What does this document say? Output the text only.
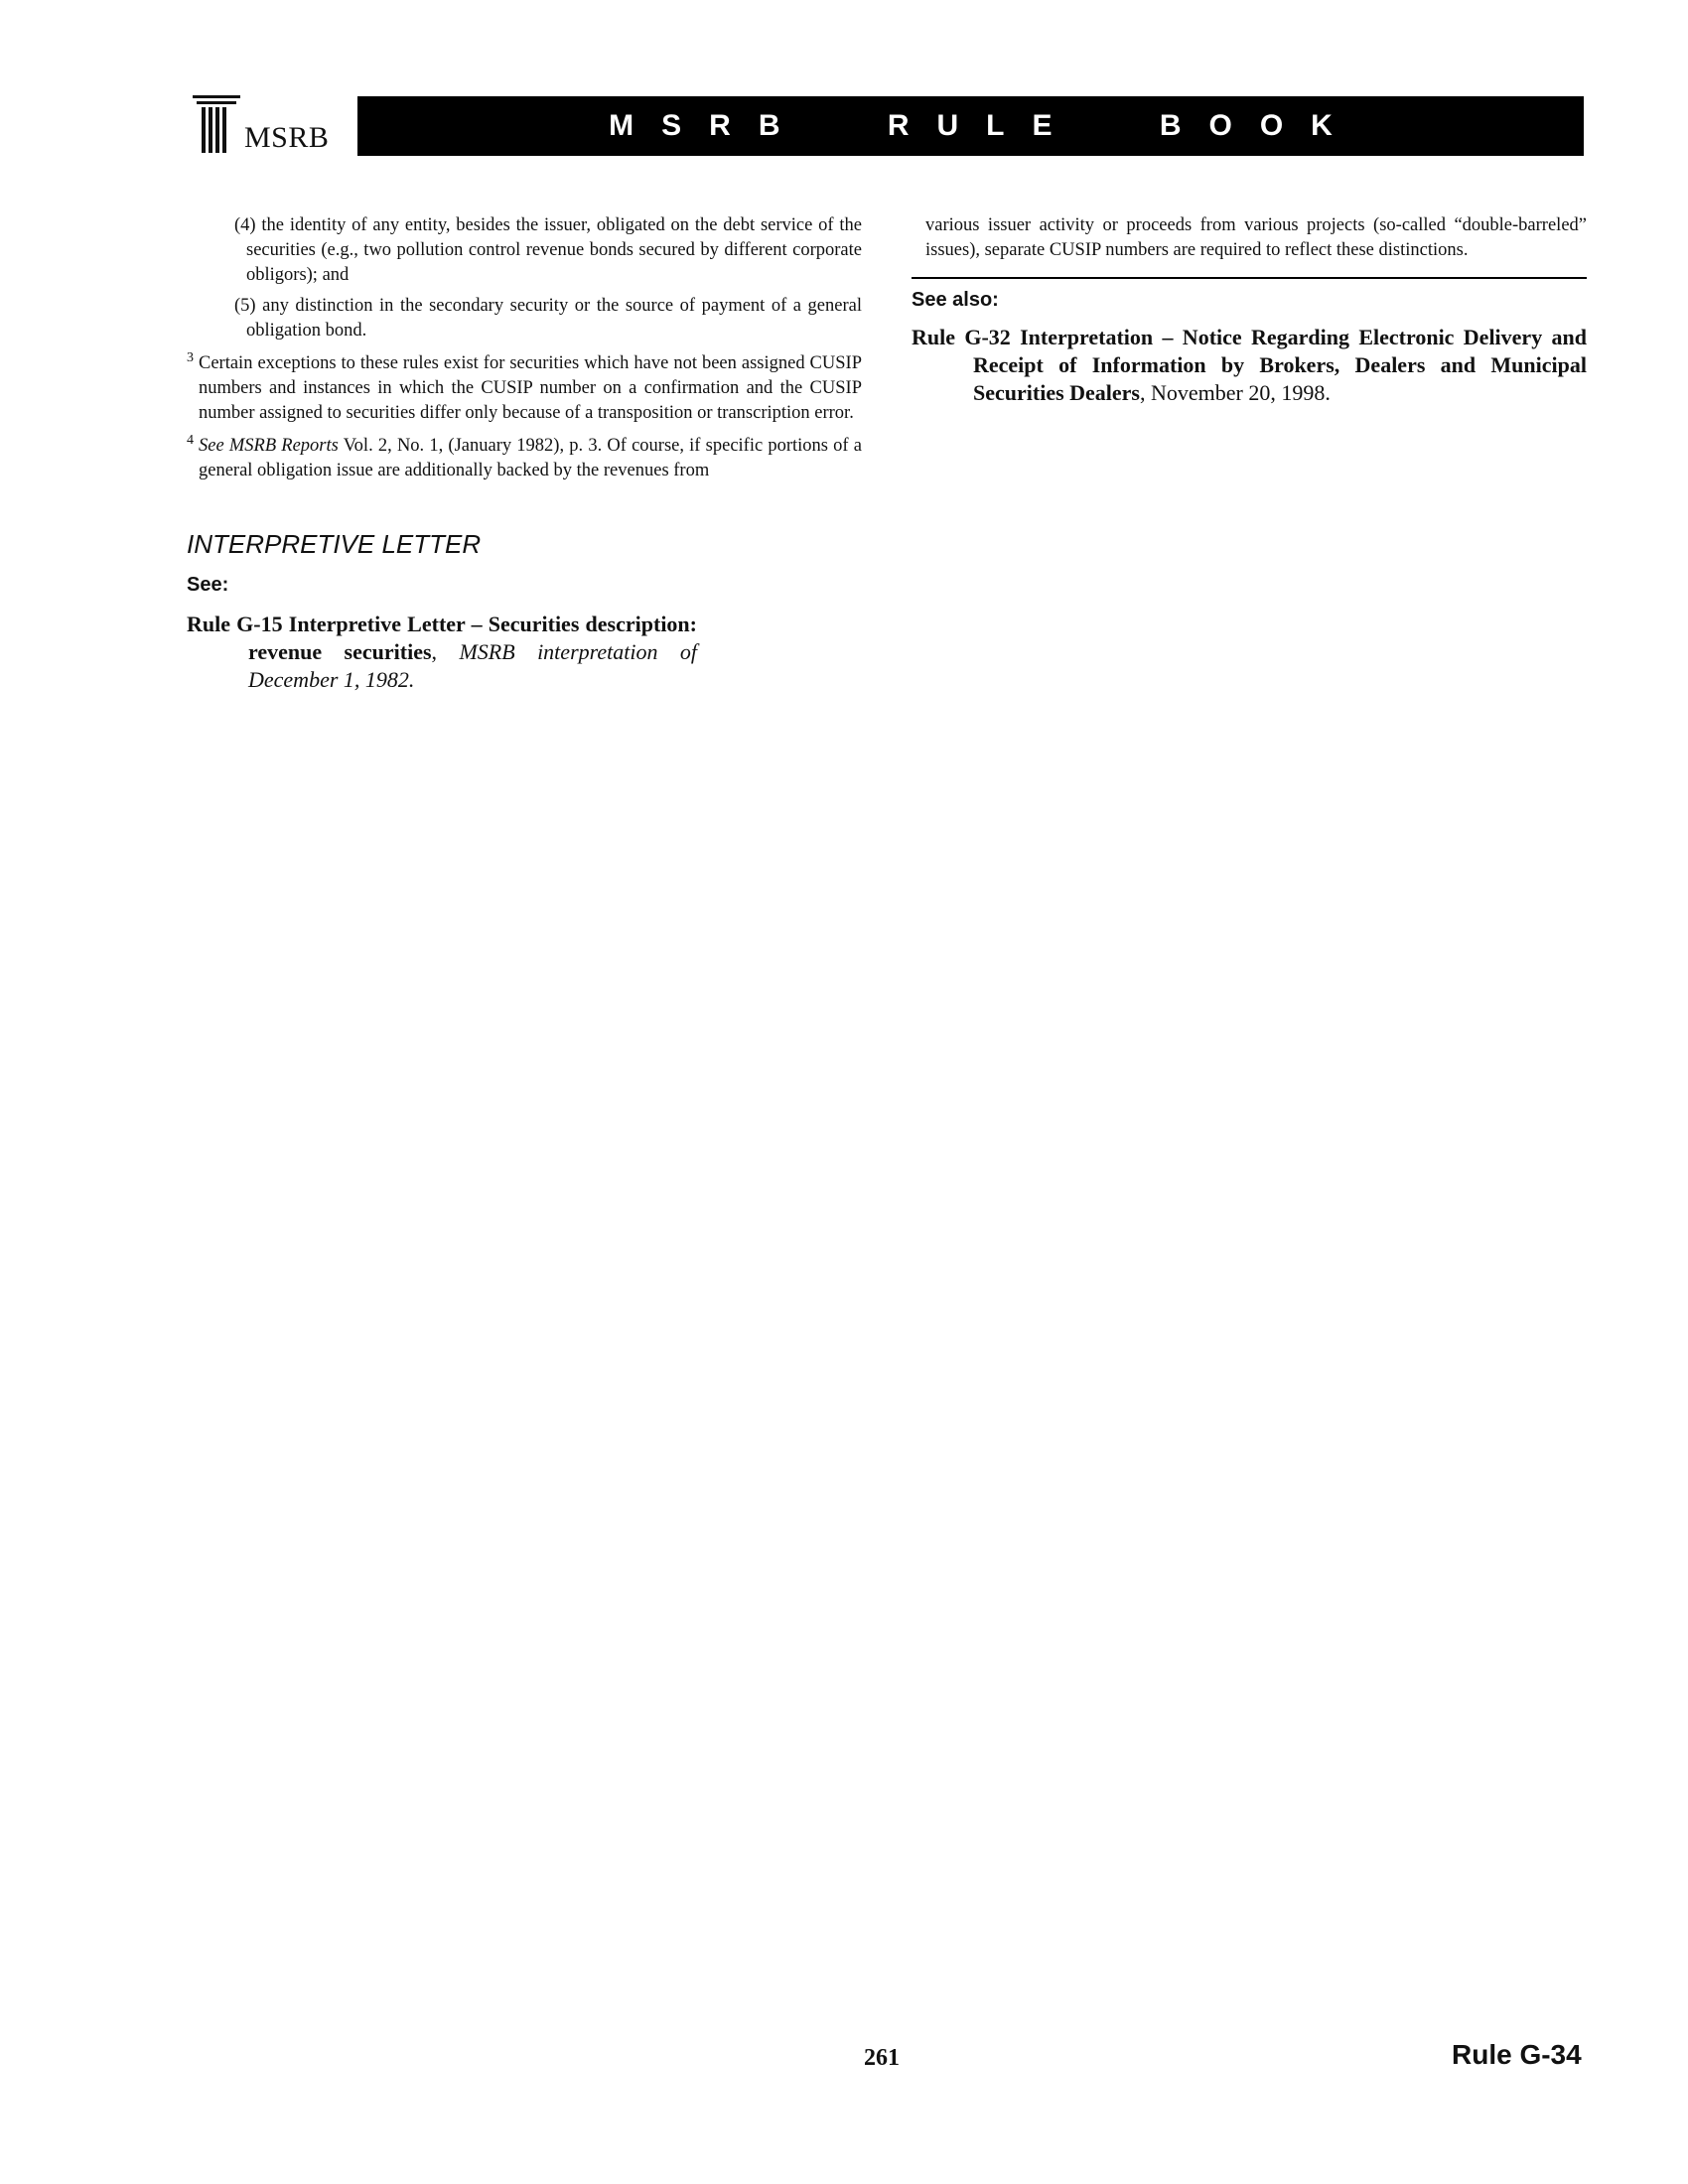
MSRB	MSRB RULE BOOK

(4) the identity of any entity, besides the issuer, obligated on the debt service of the securities (e.g., two pollution control revenue bonds secured by different corporate obligors); and

(5) any distinction in the secondary security or the source of payment of a general obligation bond.

3 Certain exceptions to these rules exist for securities which have not been assigned CUSIP numbers and instances in which the CUSIP number on a confirmation and the CUSIP number assigned to securities differ only because of a transposition or transcription error.

4 See MSRB Reports Vol. 2, No. 1, (January 1982), p. 3. Of course, if specific portions of a general obligation issue are additionally backed by the revenues from

INTERPRETIVE LETTER

See:

Rule G-15 Interpretive Letter – Securities description: revenue securities, MSRB interpretation of December 1, 1982.

various issuer activity or proceeds from various projects (so-called “double-barreled” issues), separate CUSIP numbers are required to reflect these distinctions.

See also:

Rule G-32 Interpretation – Notice Regarding Electronic Delivery and Receipt of Information by Brokers, Dealers and Municipal Securities Dealers, November 20, 1998.

261	Rule G-34
